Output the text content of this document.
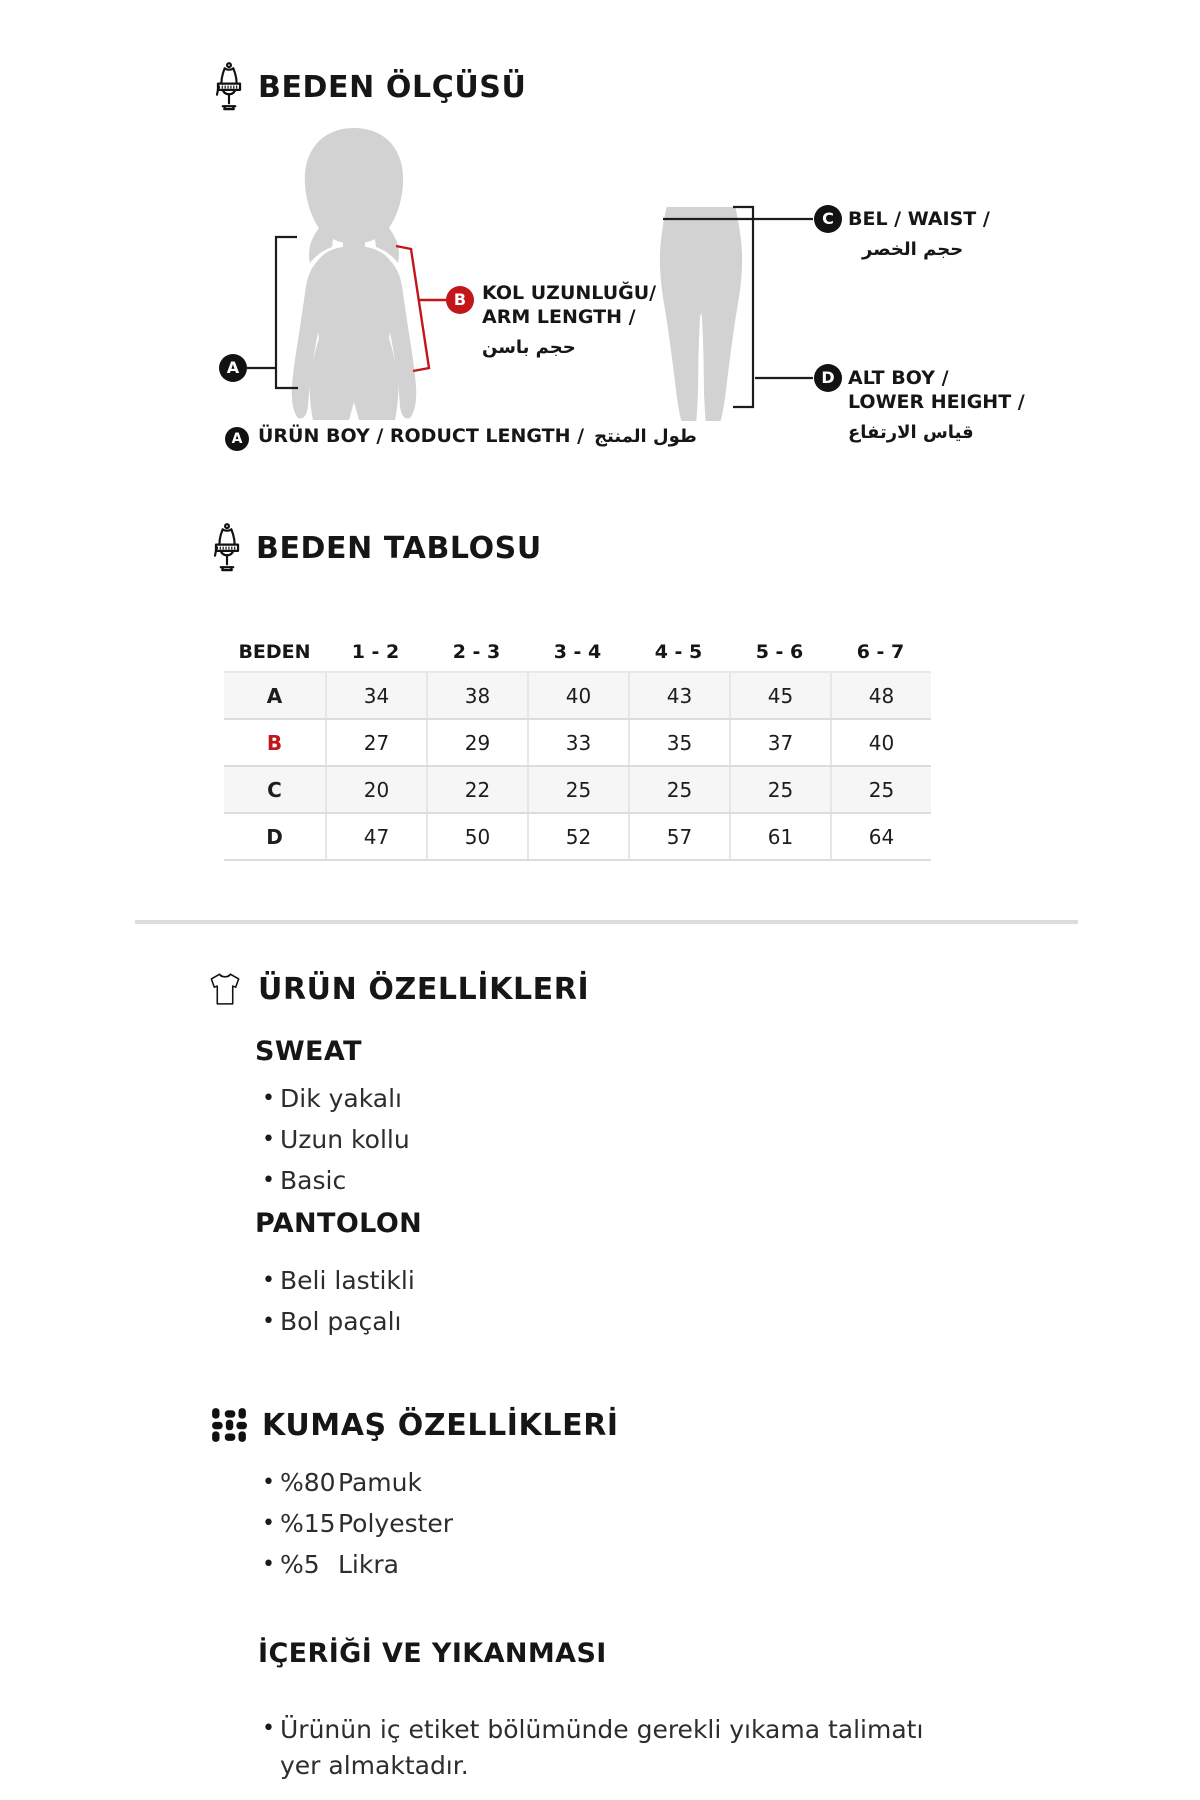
BEDEN ÖLÇÜSÜ
A
B
C
D
KOL UZUNLUĞU/
ARM LENGTH /
حجم باسن
BEL / WAIST /
حجم الخصر
ALT BOY /
LOWER HEIGHT /
قياس الارتفاع
A ÜRÜN BOY / RODUCT LENGTH / طول المنتج
BEDEN TABLOSU
BEDEN	1 - 2	2 - 3	3 - 4	4 - 5	5 - 6	6 - 7
A	34	38	40	43	45	48
B	27	29	33	35	37	40
C	20	22	25	25	25	25
D	47	50	52	57	61	64
ÜRÜN ÖZELLİKLERİ
SWEAT
• Dik yakalı
• Uzun kollu
• Basic
PANTOLON
• Beli lastikli
• Bol paçalı
KUMAŞ ÖZELLİKLERİ
• %80 Pamuk
• %15 Polyester
• %5 Likra
İÇERİĞİ VE YIKANMASI
• Ürünün iç etiket bölümünde gerekli yıkama talimatı yer almaktadır.
